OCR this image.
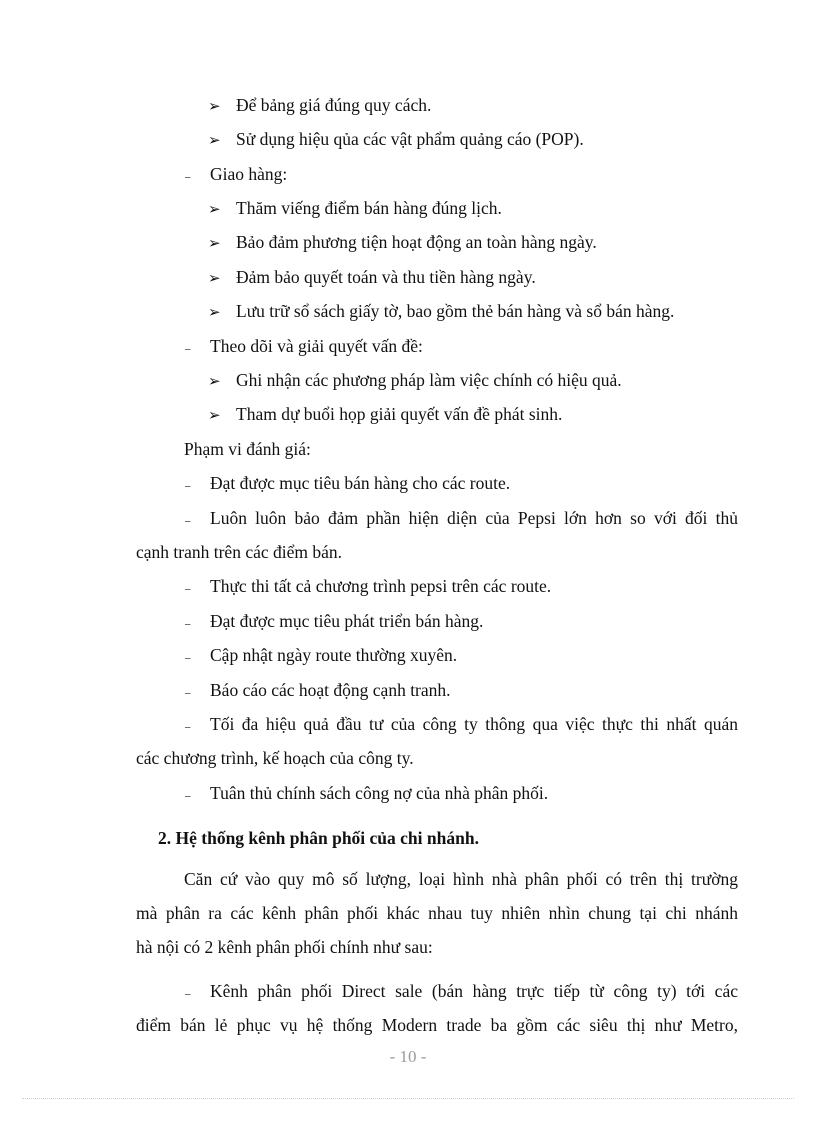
➢ Để bảng giá đúng quy cách.
➢ Sử dụng hiệu qủa các vật phẩm quảng cáo (POP).
₋ Giao hàng:
➢ Thăm viếng điểm bán hàng đúng lịch.
➢ Bảo đảm phương tiện hoạt động an toàn hàng ngày.
➢ Đảm bảo quyết toán và thu tiền hàng ngày.
➢ Lưu trữ sổ sách giấy tờ, bao gồm thẻ bán hàng và sổ bán hàng.
₋ Theo dõi và giải quyết vấn đề:
➢ Ghi nhận các phương pháp làm việc chính có hiệu quả.
➢ Tham dự buổi họp giải quyết vấn đề phát sinh.
Phạm vi đánh giá:
₋ Đạt được mục tiêu bán hàng cho các route.
₋ Luôn luôn bảo đảm phần hiện diện của Pepsi lớn hơn so với đối thủ
cạnh tranh trên các điểm bán.
₋ Thực thi tất cả chương trình pepsi trên các route.
₋ Đạt được mục tiêu phát triển bán hàng.
₋ Cập nhật ngày route thường xuyên.
₋ Báo cáo các hoạt động cạnh tranh.
₋ Tối đa hiệu quả đầu tư của công ty thông qua việc thực thi nhất quán
các chương trình, kế hoạch của công ty.
₋ Tuân thủ chính sách công nợ của nhà phân phối.
2. Hệ thống kênh phân phối của chi nhánh.
Căn cứ vào quy mô số lượng, loại hình nhà phân phối có trên thị trường
mà phân ra các kênh phân phối khác nhau tuy nhiên nhìn chung tại chi nhánh
hà nội có 2 kênh phân phối chính như sau:
₋ Kênh phân phối Direct sale (bán hàng trực tiếp từ công ty) tới các
điểm bán lẻ phục vụ hệ thống Modern trade ba gồm các siêu thị như Metro,
- 10 -
